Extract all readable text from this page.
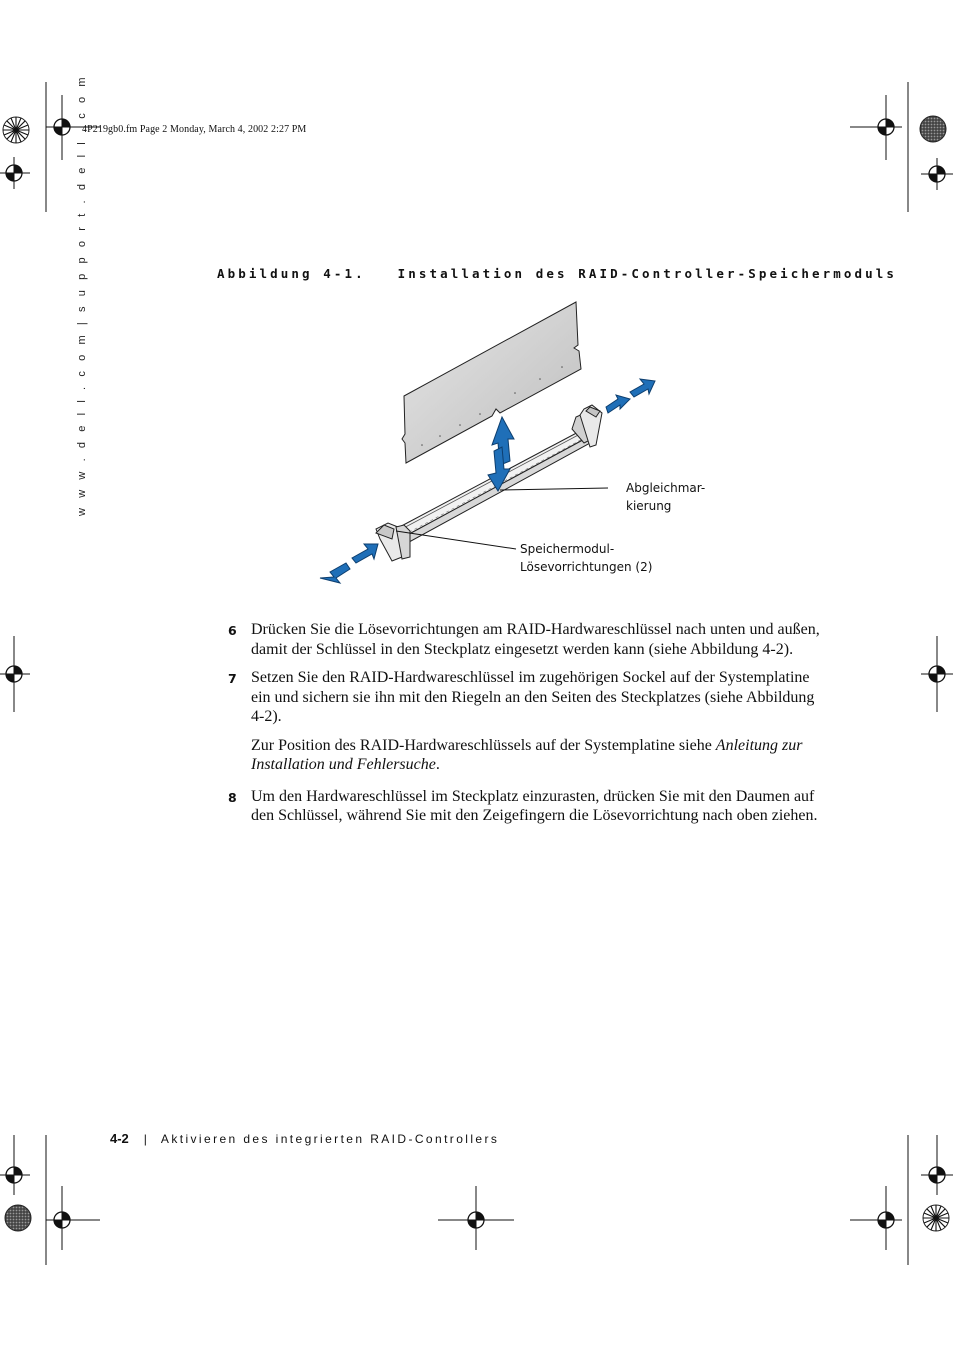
4P219gb0.fm Page 2 Monday, March 4, 2002 2:27 PM
w w w . d e l l . c o m | s u p p o r t . d e l l . c o m	Abbildung 4-1.   Installation des RAID-Controller-Speichermoduls
Abgleichmar-
kierung
Speichermodul-
Lösevorrichtungen (2)
6 Drücken Sie die Lösevorrichtungen am RAID-Hardwareschlüssel nach unten und außen, damit der Schlüssel in den Steckplatz eingesetzt werden kann (siehe Abbildung 4-2).
7 Setzen Sie den RAID-Hardwareschlüssel im zugehörigen Sockel auf der Systemplatine ein und sichern sie ihn mit den Riegeln an den Seiten des Steckplatzes (siehe Abbildung 4-2).
Zur Position des RAID-Hardwareschlüssels auf der Systemplatine siehe Anleitung zur Installation und Fehlersuche.
8 Um den Hardwareschlüssel im Steckplatz einzurasten, drücken Sie mit den Daumen auf den Schlüssel, während Sie mit den Zeigefingern die Lösevorrichtung nach oben ziehen.
4-2 | Aktivieren des integrierten RAID-Controllers
